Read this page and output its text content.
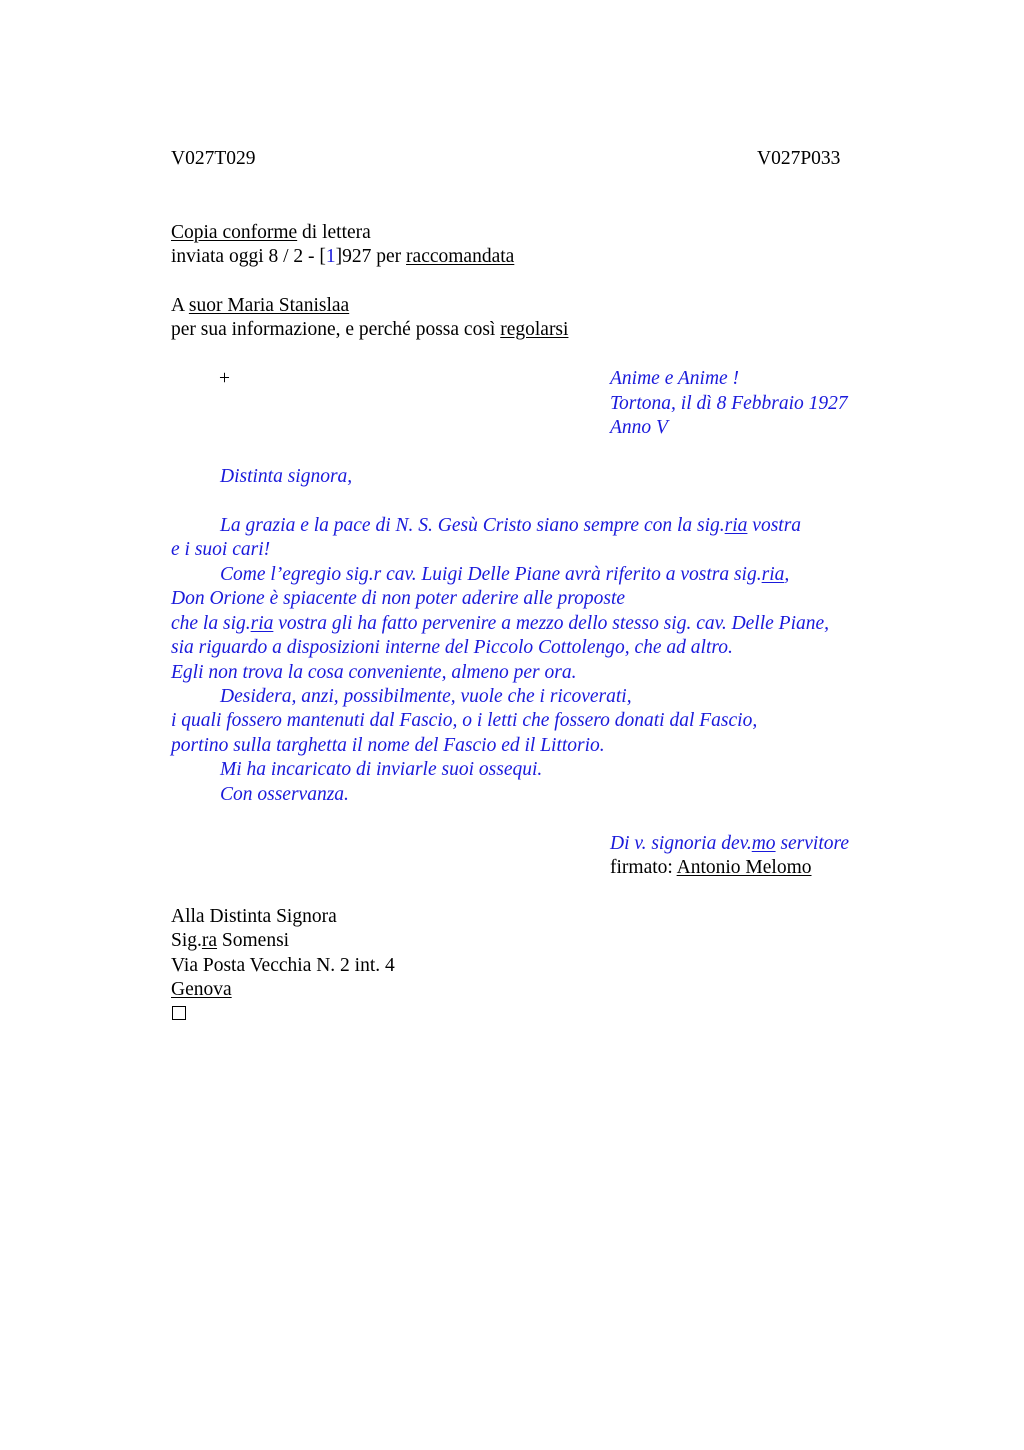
V027T029	V027P033
Copia conforme di lettera
inviata oggi 8 / 2 - [1]927 per raccomandata
A suor Maria Stanislaa
per sua informazione, e perché possa così regolarsi
+	Anime e Anime !
Tortona, il dì 8 Febbraio 1927
Anno V
Distinta signora,
La grazia e la pace di N. S. Gesù Cristo siano sempre con la sig.ria vostra
e i suoi cari!
Come l’egregio sig.r cav. Luigi Delle Piane avrà riferito a vostra sig.ria,
Don Orione è spiacente di non poter aderire alle proposte
che la sig.ria vostra gli ha fatto pervenire a mezzo dello stesso sig. cav. Delle Piane,
sia riguardo a disposizioni interne del Piccolo Cottolengo, che ad altro.
Egli non trova la cosa conveniente, almeno per ora.
Desidera, anzi, possibilmente, vuole che i ricoverati,
i quali fossero mantenuti dal Fascio, o i letti che fossero donati dal Fascio,
portino sulla targhetta il nome del Fascio ed il Littorio.
Mi ha incaricato di inviarle suoi ossequi.
Con osservanza.
Di v. signoria dev.mo servitore
firmato: Antonio Melomo
Alla Distinta Signora
Sig.ra Somensi
Via Posta Vecchia N. 2 int. 4
Genova
